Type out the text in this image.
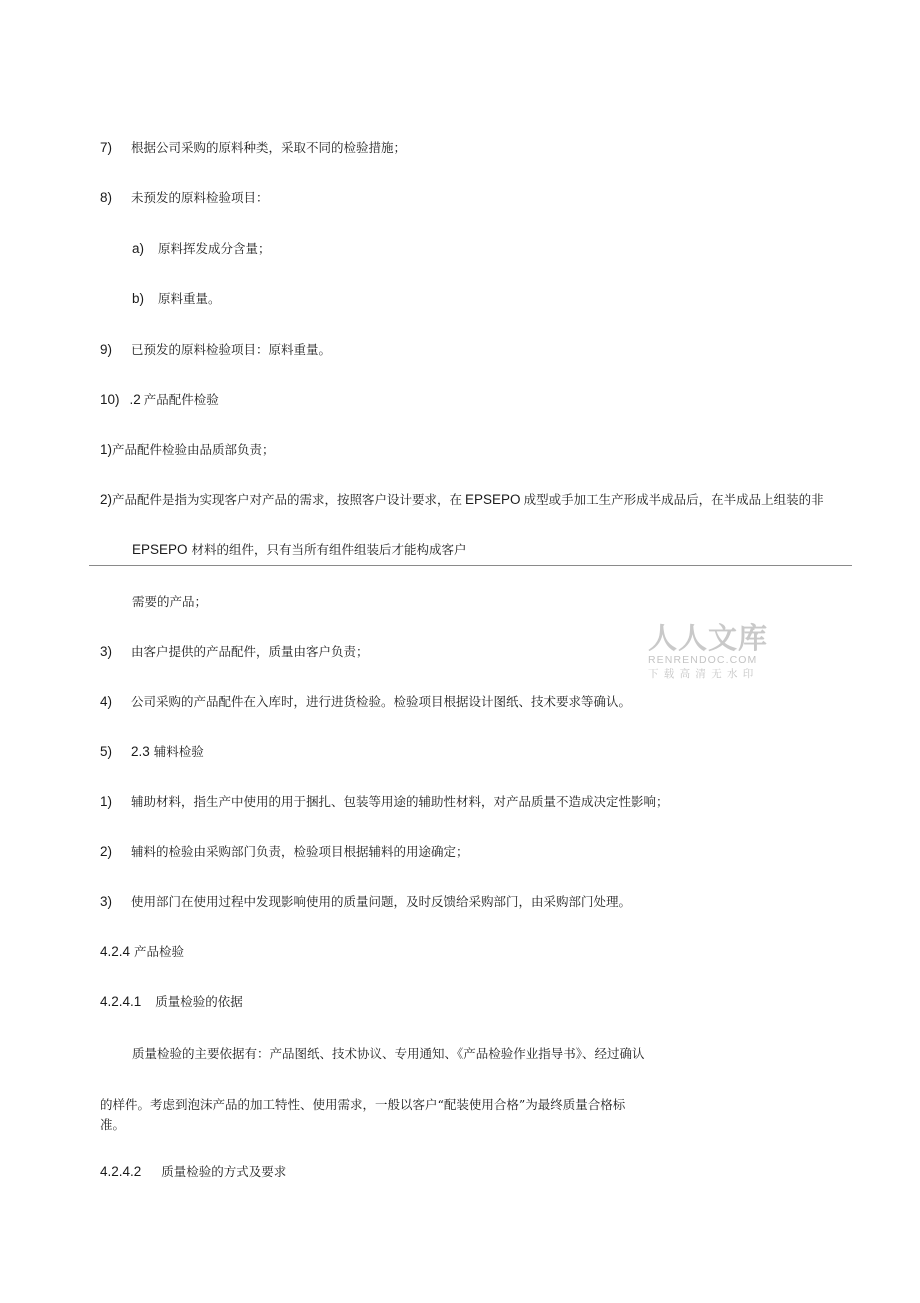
7) 根据公司采购的原料种类，采取不同的检验措施；
8) 未预发的原料检验项目：
a) 原料挥发成分含量；
b) 原料重量。
9) 已预发的原料检验项目：原料重量。
10) .2 产品配件检验
1)产品配件检验由品质部负责；
2)产品配件是指为实现客户对产品的需求，按照客户设计要求，在 EPSEPO 成型或手加工生产形成半成品后，在半成品上组装的非
EPSEPO 材料的组件，只有当所有组件组装后才能构成客户
需要的产品；
3) 由客户提供的产品配件，质量由客户负责；
4) 公司采购的产品配件在入库时，进行进货检验。检验项目根据设计图纸、技术要求等确认。
5) 2.3 辅料检验
1) 辅助材料，指生产中使用的用于捆扎、包装等用途的辅助性材料，对产品质量不造成决定性影响；
2) 辅料的检验由采购部门负责，检验项目根据辅料的用途确定；
3) 使用部门在使用过程中发现影响使用的质量问题，及时反馈给采购部门，由采购部门处理。
4.2.4 产品检验
4.2.4.1 质量检验的依据
质量检验的主要依据有：产品图纸、技术协议、专用通知、《产品检验作业指导书》、经过确认
的样件。考虑到泡沫产品的加工特性、使用需求，一般以客户“配装使用合格”为最终质量合格标
准。
4.2.4.2 质量检验的方式及要求
人人文库
RENRENDOC.COM
下载高清无水印
